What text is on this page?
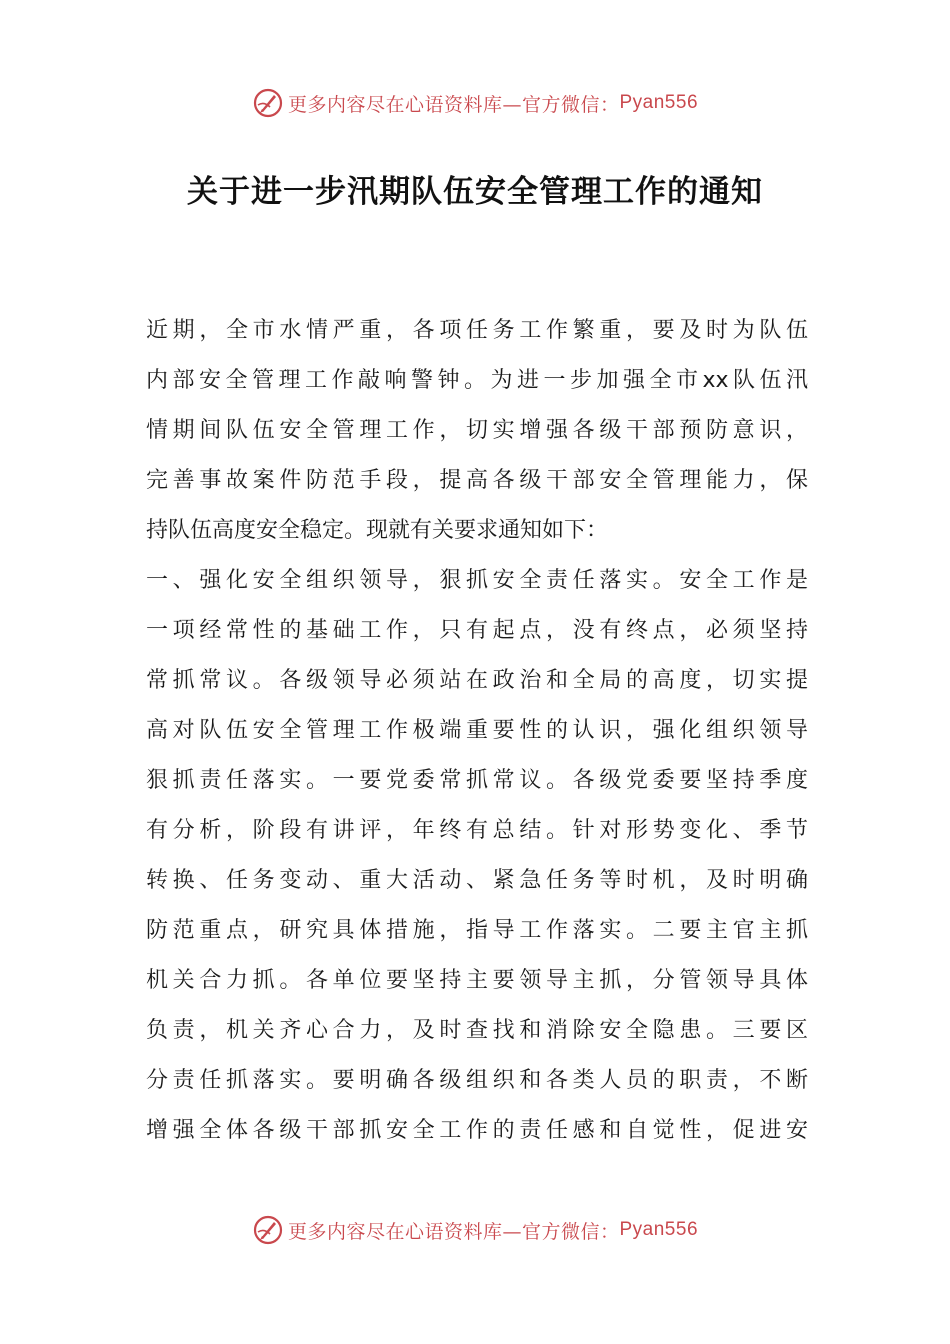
更多内容尽在心语资料库—官方微信： Pyan556
关于进一步汛期队伍安全管理工作的通知
近期，全市水情严重，各项任务工作繁重，要及时为队伍
内部安全管理工作敲响警钟。为进一步加强全市xx队伍汛
情期间队伍安全管理工作，切实增强各级干部预防意识，
完善事故案件防范手段，提高各级干部安全管理能力，保
持队伍高度安全稳定。现就有关要求通知如下：
一、强化安全组织领导，狠抓安全责任落实。安全工作是
一项经常性的基础工作，只有起点，没有终点，必须坚持
常抓常议。各级领导必须站在政治和全局的高度，切实提
高对队伍安全管理工作极端重要性的认识，强化组织领导
狠抓责任落实。一要党委常抓常议。各级党委要坚持季度
有分析，阶段有讲评，年终有总结。针对形势变化、季节
转换、任务变动、重大活动、紧急任务等时机，及时明确
防范重点，研究具体措施，指导工作落实。二要主官主抓
机关合力抓。各单位要坚持主要领导主抓，分管领导具体
负责，机关齐心合力，及时查找和消除安全隐患。三要区
分责任抓落实。要明确各级组织和各类人员的职责，不断
增强全体各级干部抓安全工作的责任感和自觉性，促进安
更多内容尽在心语资料库—官方微信： Pyan556
